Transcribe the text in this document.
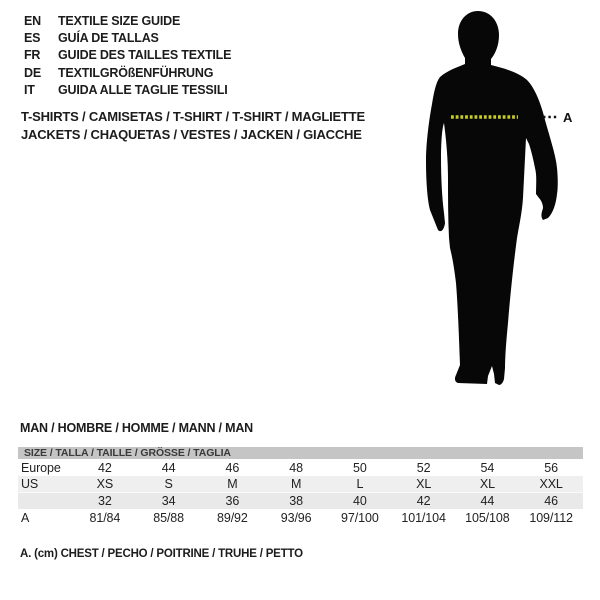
EN TEXTILE SIZE GUIDE
ES GUÍA DE TALLAS
FR GUIDE DES TAILLES TEXTILE
DE TEXTILGRÖßENFÜHRUNG
IT GUIDA ALLE TAGLIE TESSILI
T-SHIRTS / CAMISETAS / T-SHIRT / T-SHIRT / MAGLIETTE
JACKETS / CHAQUETAS / VESTES / JACKEN / GIACCHE
A
MAN / HOMBRE / HOMME / MANN / MAN
SIZE / TALLA / TAILLE / GRÖSSE / TAGLIA
Europe	42	44	46	48	50	52	54	56
US	XS	S	M	M	L	XL	XL	XXL
	32	34	36	38	40	42	44	46
A	81/84	85/88	89/92	93/96	97/100	101/104	105/108	109/112
A. (cm) CHEST / PECHO / POITRINE / TRUHE / PETTO
